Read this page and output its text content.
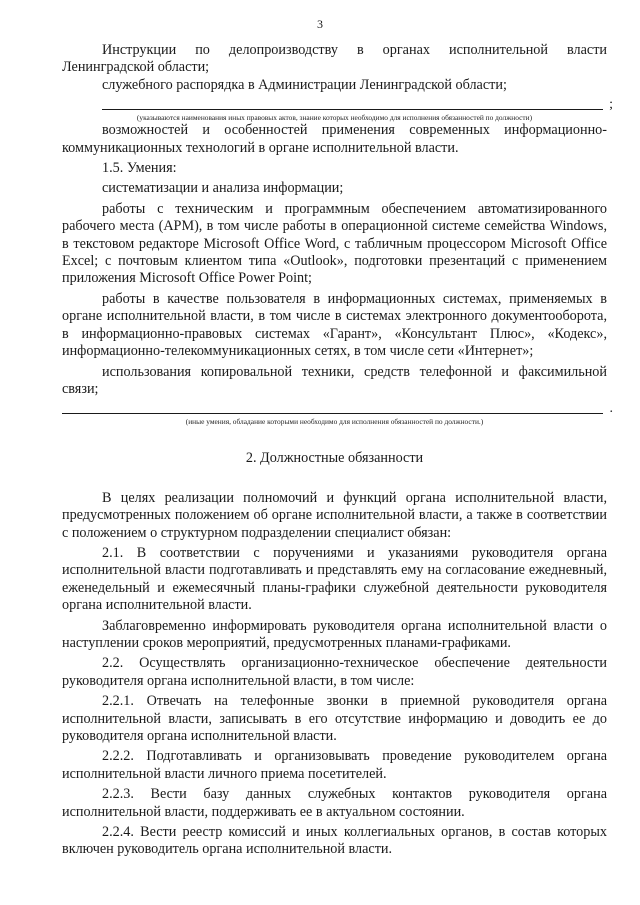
3

Инструкции по делопроизводству в органах исполнительной власти Ленинградской области;

служебного распорядка в Администрации Ленинградской области;

;
(указываются наименования иных правовых актов, знание которых необходимо для исполнения обязанностей по должности)

возможностей и особенностей применения современных информационно-коммуникационных технологий в органе исполнительной власти.

1.5. Умения:

систематизации и анализа информации;

работы с техническим и программным обеспечением автоматизированного рабочего места (АРМ), в том числе работы в операционной системе семейства Windows, в текстовом редакторе Microsoft Office Word, с табличным процессором Microsoft Office Excel; с почтовым клиентом типа «Outlook», подготовки презентаций с применением приложения Microsoft Office Power Point;

работы в качестве пользователя в информационных системах, применяемых в органе исполнительной власти, в том числе в системах электронного документооборота, в информационно-правовых системах «Гарант», «Консультант Плюс», «Кодекс», информационно-телекоммуникационных сетях, в том числе сети «Интернет»;

использования копировальной техники, средств телефонной и факсимильной связи;

.
(иные умения, обладание которыми необходимо для исполнения обязанностей по должности.)

2. Должностные обязанности

В целях реализации полномочий и функций органа исполнительной власти, предусмотренных положением об органе исполнительной власти, а также в соответствии с положением о структурном подразделении специалист обязан:

2.1. В соответствии с поручениями и указаниями руководителя органа исполнительной власти подготавливать и представлять ему на согласование ежедневный, еженедельный и ежемесячный планы-графики служебной деятельности руководителя органа исполнительной власти.

Заблаговременно информировать руководителя органа исполнительной власти о наступлении сроков мероприятий, предусмотренных планами-графиками.

2.2. Осуществлять организационно-техническое обеспечение деятельности руководителя органа исполнительной власти, в том числе:

2.2.1. Отвечать на телефонные звонки в приемной руководителя органа исполнительной власти, записывать в его отсутствие информацию и доводить ее до руководителя органа исполнительной власти.

2.2.2. Подготавливать и организовывать проведение руководителем органа исполнительной власти личного приема посетителей.

2.2.3. Вести базу данных служебных контактов руководителя органа исполнительной власти, поддерживать ее в актуальном состоянии.

2.2.4. Вести реестр комиссий и иных коллегиальных органов, в состав которых включен руководитель органа исполнительной власти.
